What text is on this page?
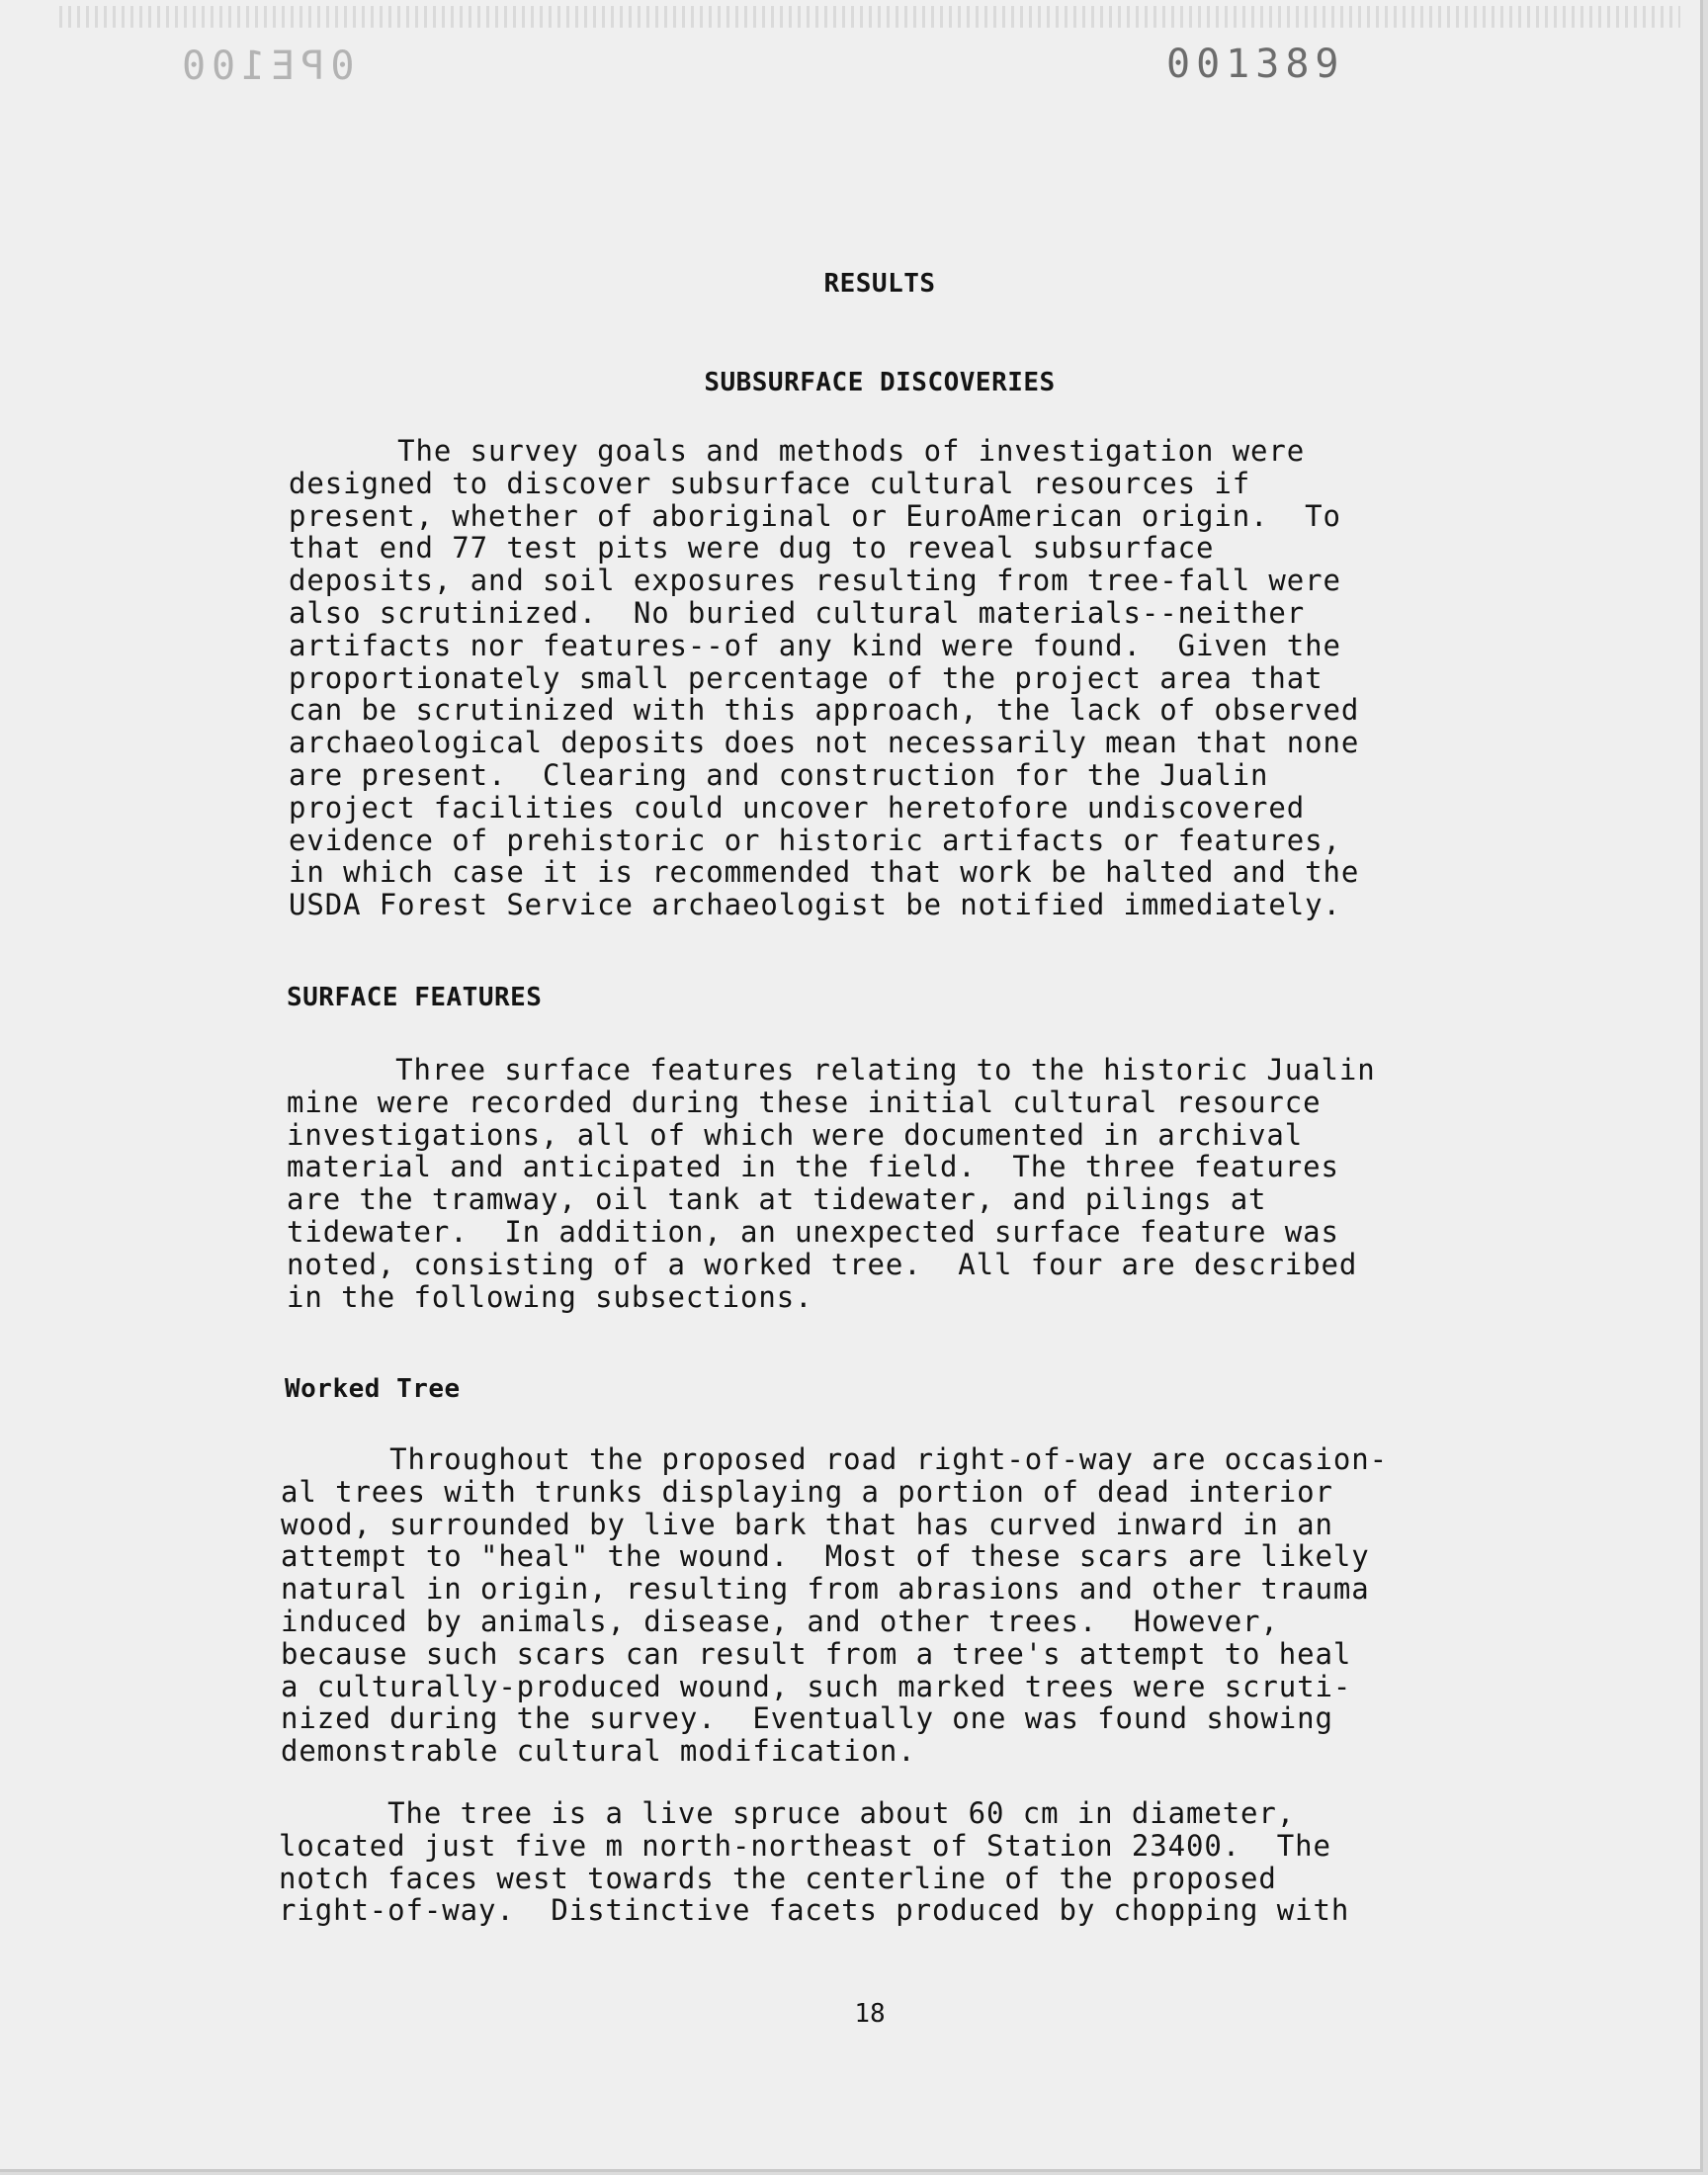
0PE100	001389
RESULTS
SUBSURFACE DISCOVERIES

The survey goals and methods of investigation were
designed to discover subsurface cultural resources if
present, whether of aboriginal or EuroAmerican origin.  To
that end 77 test pits were dug to reveal subsurface
deposits, and soil exposures resulting from tree-fall were
also scrutinized.  No buried cultural materials--neither
artifacts nor features--of any kind were found.  Given the
proportionately small percentage of the project area that
can be scrutinized with this approach, the lack of observed
archaeological deposits does not necessarily mean that none
are present.  Clearing and construction for the Jualin
project facilities could uncover heretofore undiscovered
evidence of prehistoric or historic artifacts or features,
in which case it is recommended that work be halted and the
USDA Forest Service archaeologist be notified immediately.

SURFACE FEATURES

Three surface features relating to the historic Jualin
mine were recorded during these initial cultural resource
investigations, all of which were documented in archival
material and anticipated in the field.  The three features
are the tramway, oil tank at tidewater, and pilings at
tidewater.  In addition, an unexpected surface feature was
noted, consisting of a worked tree.  All four are described
in the following subsections.

Worked Tree

Throughout the proposed road right-of-way are occasion-
al trees with trunks displaying a portion of dead interior
wood, surrounded by live bark that has curved inward in an
attempt to "heal" the wound.  Most of these scars are likely
natural in origin, resulting from abrasions and other trauma
induced by animals, disease, and other trees.  However,
because such scars can result from a tree's attempt to heal
a culturally-produced wound, such marked trees were scruti-
nized during the survey.  Eventually one was found showing
demonstrable cultural modification.

The tree is a live spruce about 60 cm in diameter,
located just five m north-northeast of Station 23400.  The
notch faces west towards the centerline of the proposed
right-of-way.  Distinctive facets produced by chopping with

18
